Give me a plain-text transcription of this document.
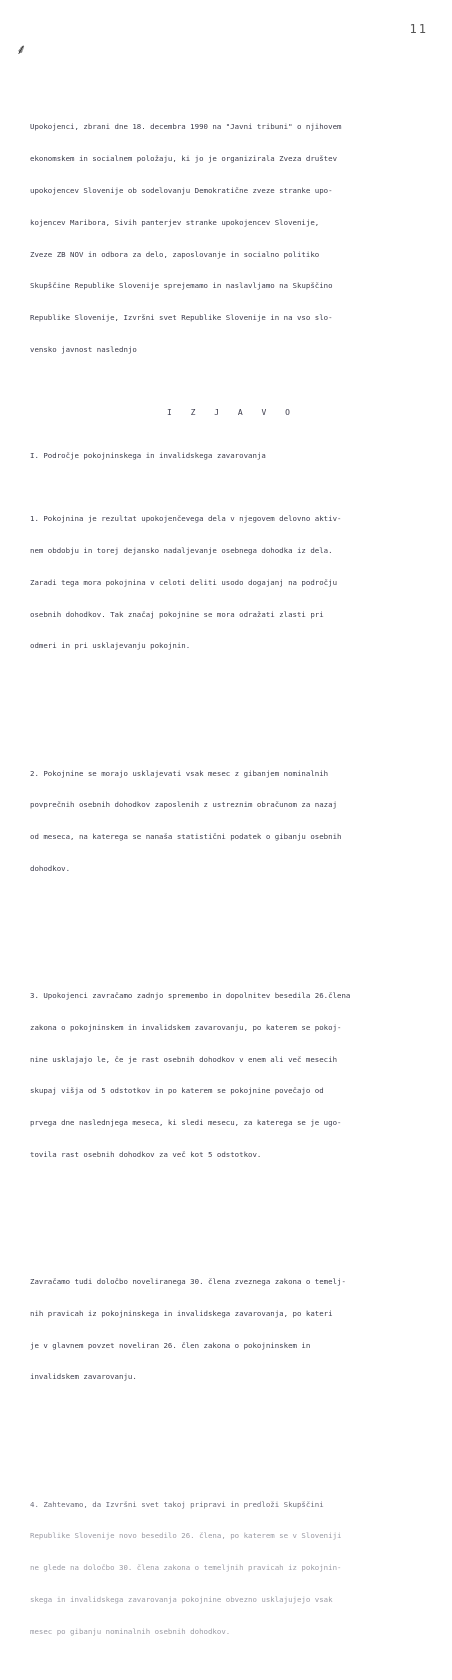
11
⸙

Upokojenci, zbrani dne 18. decembra 1990 na "Javni tribuni" o njihovem

ekonomskem in socialnem položaju, ki jo je organizirala Zveza društev

upokojencev Slovenije ob sodelovanju Demokratične zveze stranke upo-

kojencev Maribora, Sivih panterjev stranke upokojencev Slovenije,

Zveze ZB NOV in odbora za delo, zaposlovanje in socialno politiko

Skupščine Republike Slovenije sprejemamo in naslavljamo na Skupščino

Republike Slovenije, Izvršni svet Republike Slovenije in na vso slo-

vensko javnost naslednjo

I Z J A V O

I. Področje pokojninskega in invalidskega zavarovanja

1. Pokojnina je rezultat upokojenčevega dela v njegovem delovno aktiv-

nem obdobju in torej dejansko nadaljevanje osebnega dohodka iz dela.

Zaradi tega mora pokojnina v celoti deliti usodo dogajanj na področju

osebnih dohodkov. Tak značaj pokojnine se mora odražati zlasti pri

odmeri in pri usklajevanju pokojnin.

2. Pokojnine se morajo usklajevati vsak mesec z gibanjem nominalnih

povprečnih osebnih dohodkov zaposlenih z ustreznim obračunom za nazaj

od meseca, na katerega se nanaša statistični podatek o gibanju osebnih

dohodkov.

3. Upokojenci zavračamo zadnjo spremembo in dopolnitev besedila 26.člena

zakona o pokojninskem in invalidskem zavarovanju, po katerem se pokoj-

nine usklajajo le, če je rast osebnih dohodkov v enem ali več mesecih

skupaj višja od 5 odstotkov in po katerem se pokojnine povečajo od

prvega dne naslednjega meseca, ki sledi mesecu, za katerega se je ugo-

tovila rast osebnih dohodkov za več kot 5 odstotkov.

Zavračamo tudi določbo noveliranega 30. člena zveznega zakona o temelj-

nih pravicah iz pokojninskega in invalidskega zavarovanja, po kateri

je v glavnem povzet noveliran 26. člen zakona o pokojninskem in

invalidskem zavarovanju.

4. Zahtevamo, da Izvršni svet takoj pripravi in predloži Skupščini

Republike Slovenije novo besedilo 26. člena, po katerem se v Sloveniji

ne glede na določbo 30. člena zakona o temeljnih pravicah iz pokojnin-

skega in invalidskega zavarovanja pokojnine obvezno usklajujejo vsak

mesec po gibanju nominalnih osebnih dohodkov.
